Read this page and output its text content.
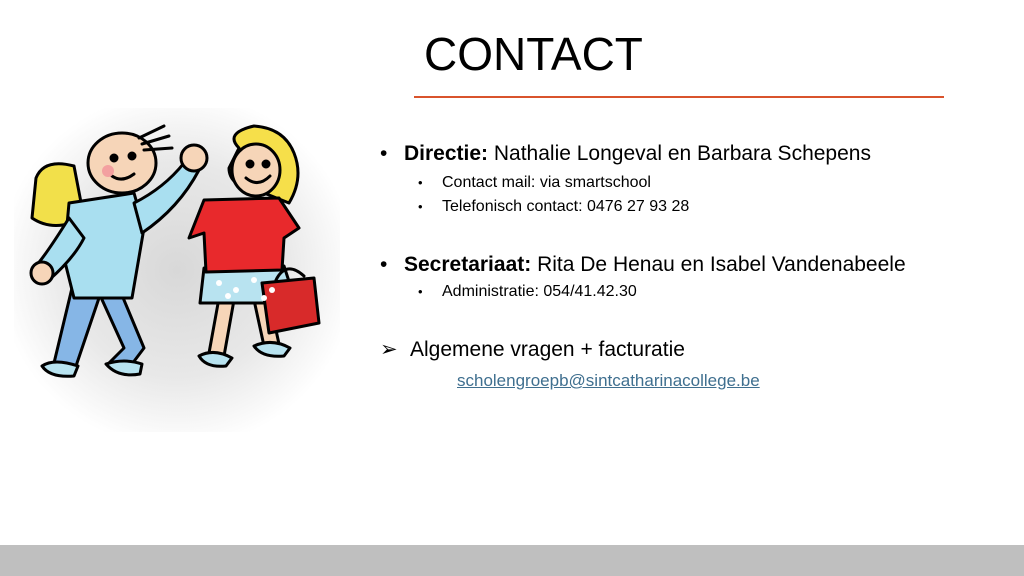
CONTACT
• Directie: Nathalie Longeval en Barbara Schepens
• Contact mail: via smartschool
• Telefonisch contact: 0476 27 93 28
• Secretariaat: Rita De Henau en Isabel Vandenabeele
• Administratie: 054/41.42.30
➢ Algemene vragen + facturatie
scholengroepb@sintcatharinacollege.be
